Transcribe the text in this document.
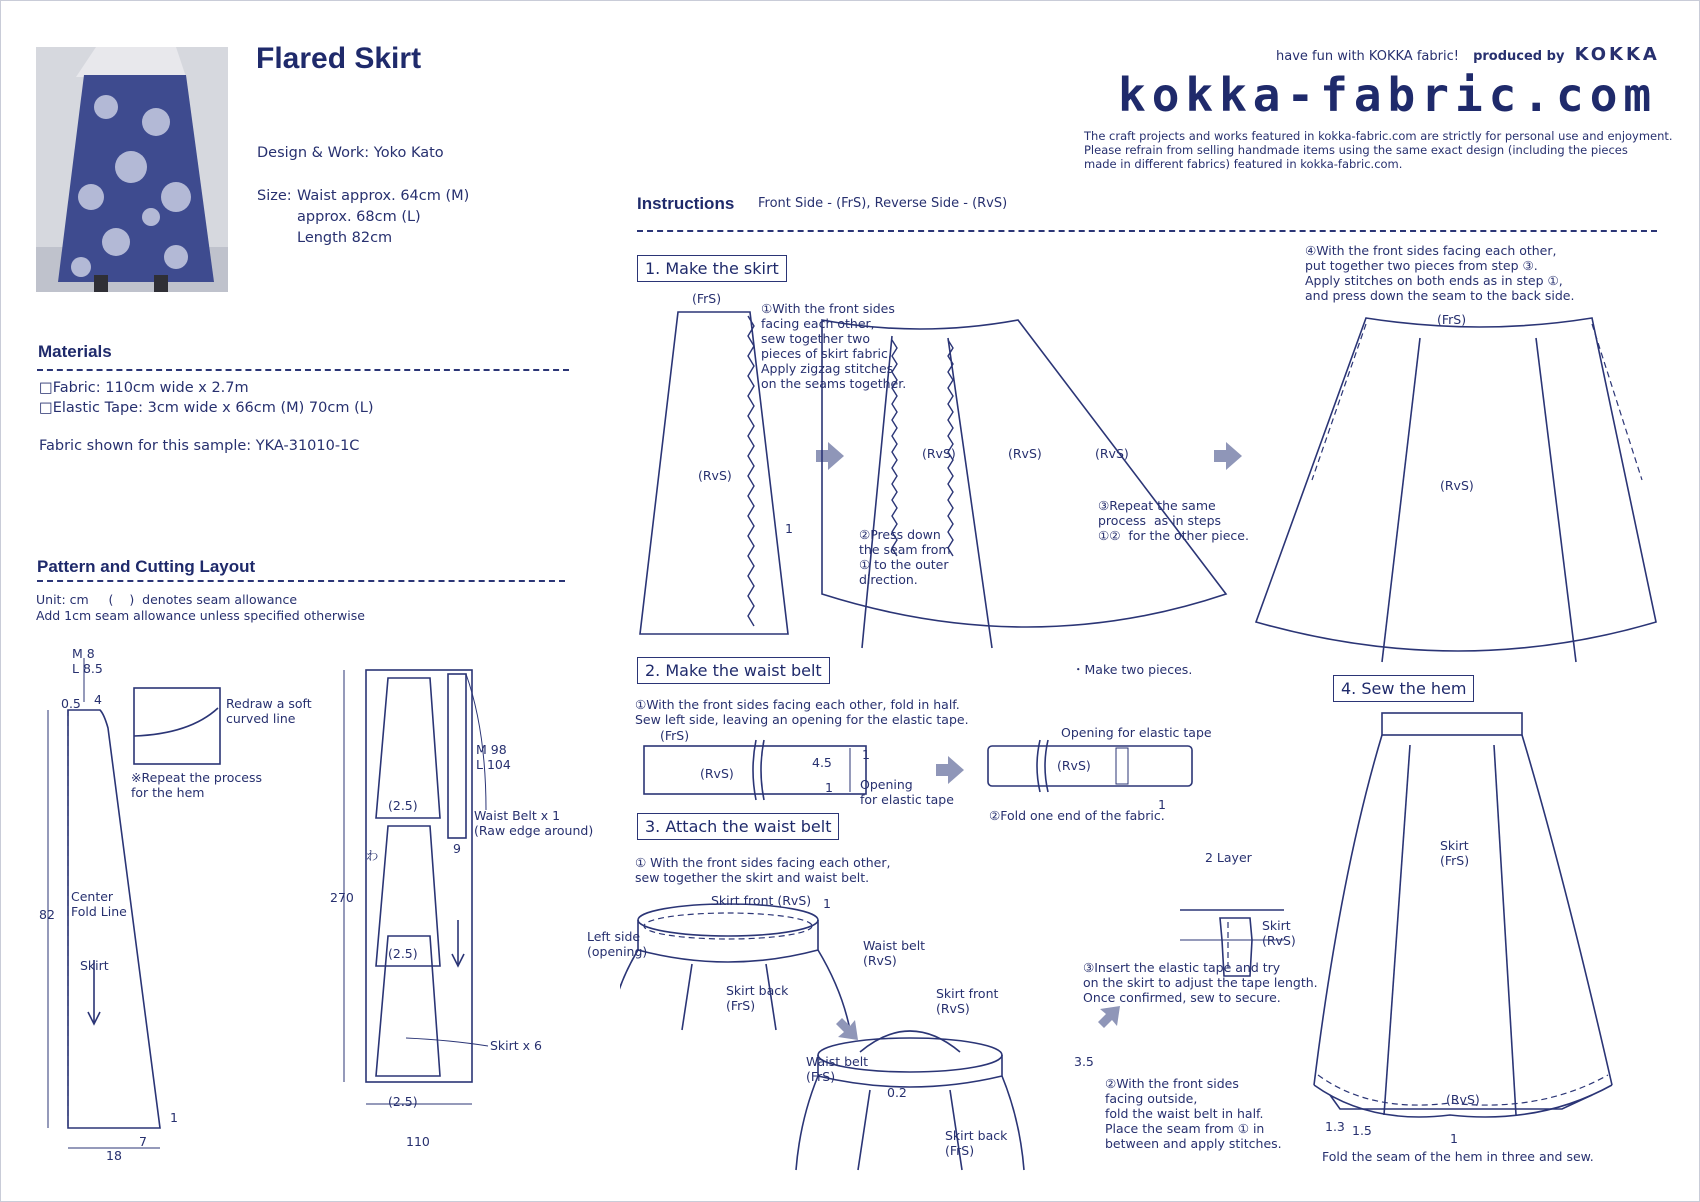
Flared Skirt
Design & Work: Yoko Kato
Size: Waist approx. 64cm (M)
approx. 68cm (L)
Length 82cm
have fun with KOKKA fabric! produced by KOKKA
kokka-fabric.com
The craft projects and works featured in kokka-fabric.com are strictly for personal use and enjoyment.
Please refrain from selling handmade items using the same exact design (including the pieces
made in different fabrics) featured in kokka-fabric.com.
Materials
□Fabric: 110cm wide x 2.7m
□Elastic Tape: 3cm wide x 66cm (M) 70cm (L)
Fabric shown for this sample: YKA-31010-1C
Pattern and Cutting Layout
Unit: cm     (    )  denotes seam allowance
Add 1cm seam allowance unless specified otherwise
M 8
L 8.5
0.5 4	Redraw a soft
curved line
※Repeat the process
for the hem
Center
Fold Line
Skirt
82
18
7
1
270
110
(2.5)
(2.5)
(2.5)
わ
M 98
L 104
Waist Belt x 1
(Raw edge around)
9
Skirt x 6
Instructions Front Side - (FrS), Reverse Side - (RvS)
1. Make the skirt
(FrS)
(RvS)
①With the front sides
facing each other,
sew together two
pieces of skirt fabric.
Apply zigzag stitches
on the seams together.
1
(RvS)	(RvS)	(RvS)
②Press down
the seam from
① to the outer
direction.
③Repeat the same
process  as in steps
①②  for the other piece.
④With the front sides facing each other,
put together two pieces from step ③.
Apply stitches on both ends as in step ①,
and press down the seam to the back side.
(FrS)
(RvS)
・Make two pieces.
2. Make the waist belt
①With the front sides facing each other, fold in half.
Sew left side, leaving an opening for the elastic tape.
(FrS)
(RvS)
4.5
1
1 Opening
for elastic tape
Opening for elastic tape
(RvS)
1
②Fold one end of the fabric.
3. Attach the waist belt
① With the front sides facing each other,
sew together the skirt and waist belt.
Skirt front (RvS) 1
Left side
(opening)	Waist belt
(RvS)
Skirt back
(FrS)
Skirt front
(RvS)
Waist belt
(FrS)
3.5
0.2
Skirt back
(FrS)
②With the front sides
facing outside,
fold the waist belt in half.
Place the seam from ① in
between and apply stitches.
2 Layer
Skirt
(RvS)
③Insert the elastic tape and try
on the skirt to adjust the tape length.
Once confirmed, sew to secure.
4. Sew the hem
Skirt
(FrS)
(RvS)
1.3 1.5
1
Fold the seam of the hem in three and sew.
